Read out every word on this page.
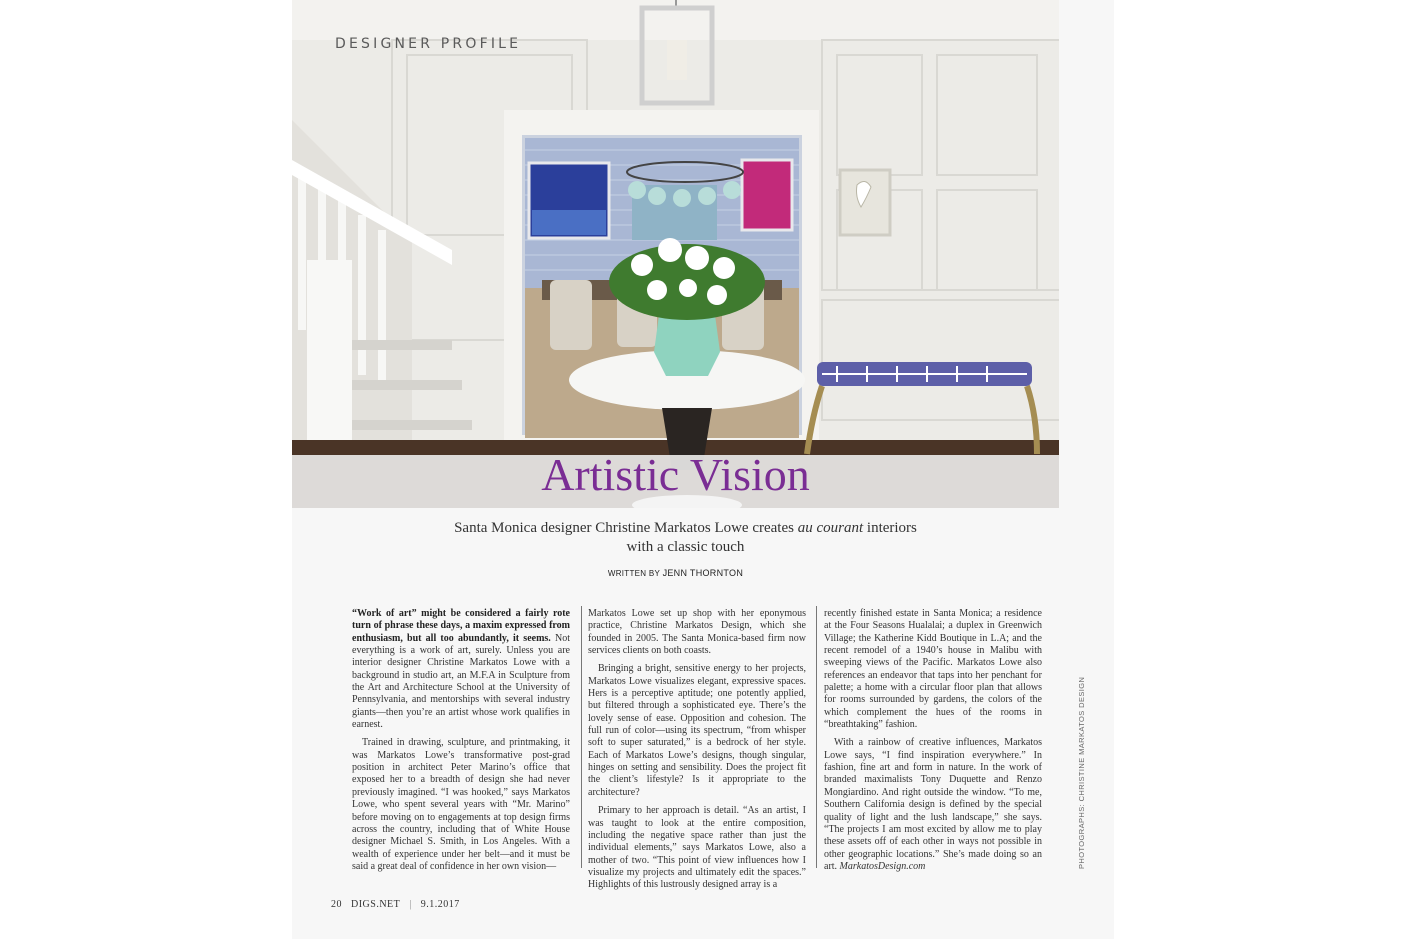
DESIGNER PROFILE
Artistic Vision
Santa Monica designer Christine Markatos Lowe creates au courant interiors with a classic touch
WRITTEN BY JENN THORNTON

“Work of art” might be considered a fairly rote turn of phrase these days, a maxim expressed from enthusiasm, but all too abundantly, it seems. Not everything is a work of art, surely. Unless you are interior designer Christine Markatos Lowe with a background in studio art, an M.F.A in Sculpture from the Art and Architecture School at the University of Pennsylvania, and mentorships with several industry giants—then you’re an artist whose work qualifies in earnest.

Trained in drawing, sculpture, and printmaking, it was Markatos Lowe’s transformative post-grad position in architect Peter Marino’s office that exposed her to a breadth of design she had never previously imagined. “I was hooked,” says Markatos Lowe, who spent several years with “Mr. Marino” before moving on to engagements at top design firms across the country, including that of White House designer Michael S. Smith, in Los Angeles. With a wealth of experience under her belt—and it must be said a great deal of confidence in her own vision—

Markatos Lowe set up shop with her eponymous practice, Christine Markatos Design, which she founded in 2005. The Santa Monica-based firm now services clients on both coasts.

Bringing a bright, sensitive energy to her projects, Markatos Lowe visualizes elegant, expressive spaces. Hers is a perceptive aptitude; one potently applied, but filtered through a sophisticated eye. There’s the lovely sense of ease. Opposition and cohesion. The full run of color—using its spectrum, “from whisper soft to super saturated,” is a bedrock of her style. Each of Markatos Lowe’s designs, though singular, hinges on setting and sensibility. Does the project fit the client’s lifestyle? Is it appropriate to the architecture?

Primary to her approach is detail. “As an artist, I was taught to look at the entire composition, including the negative space rather than just the individual elements,” says Markatos Lowe, also a mother of two. “This point of view influences how I visualize my projects and ultimately edit the spaces.” Highlights of this lustrously designed array is a

recently finished estate in Santa Monica; a residence at the Four Seasons Hualalai; a duplex in Greenwich Village; the Katherine Kidd Boutique in L.A; and the recent remodel of a 1940’s house in Malibu with sweeping views of the Pacific. Markatos Lowe also references an endeavor that taps into her penchant for palette; a home with a circular floor plan that allows for rooms surrounded by gardens, the colors of the which complement the hues of the rooms in “breathtaking” fashion.

With a rainbow of creative influences, Markatos Lowe says, “I find inspiration everywhere.” In fashion, fine art and form in nature. In the work of branded maximalists Tony Duquette and Renzo Mongiardino. And right outside the window. “To me, Southern California design is defined by the special quality of light and the lush landscape,” she says. “The projects I am most excited by allow me to play these assets off of each other in ways not possible in other geographic locations.” She’s made doing so an art. MarkatosDesign.com	PHOTOGRAPHS: CHRISTINE MARKATOS DESIGN
20 DIGS.NET | 9.1.2017
